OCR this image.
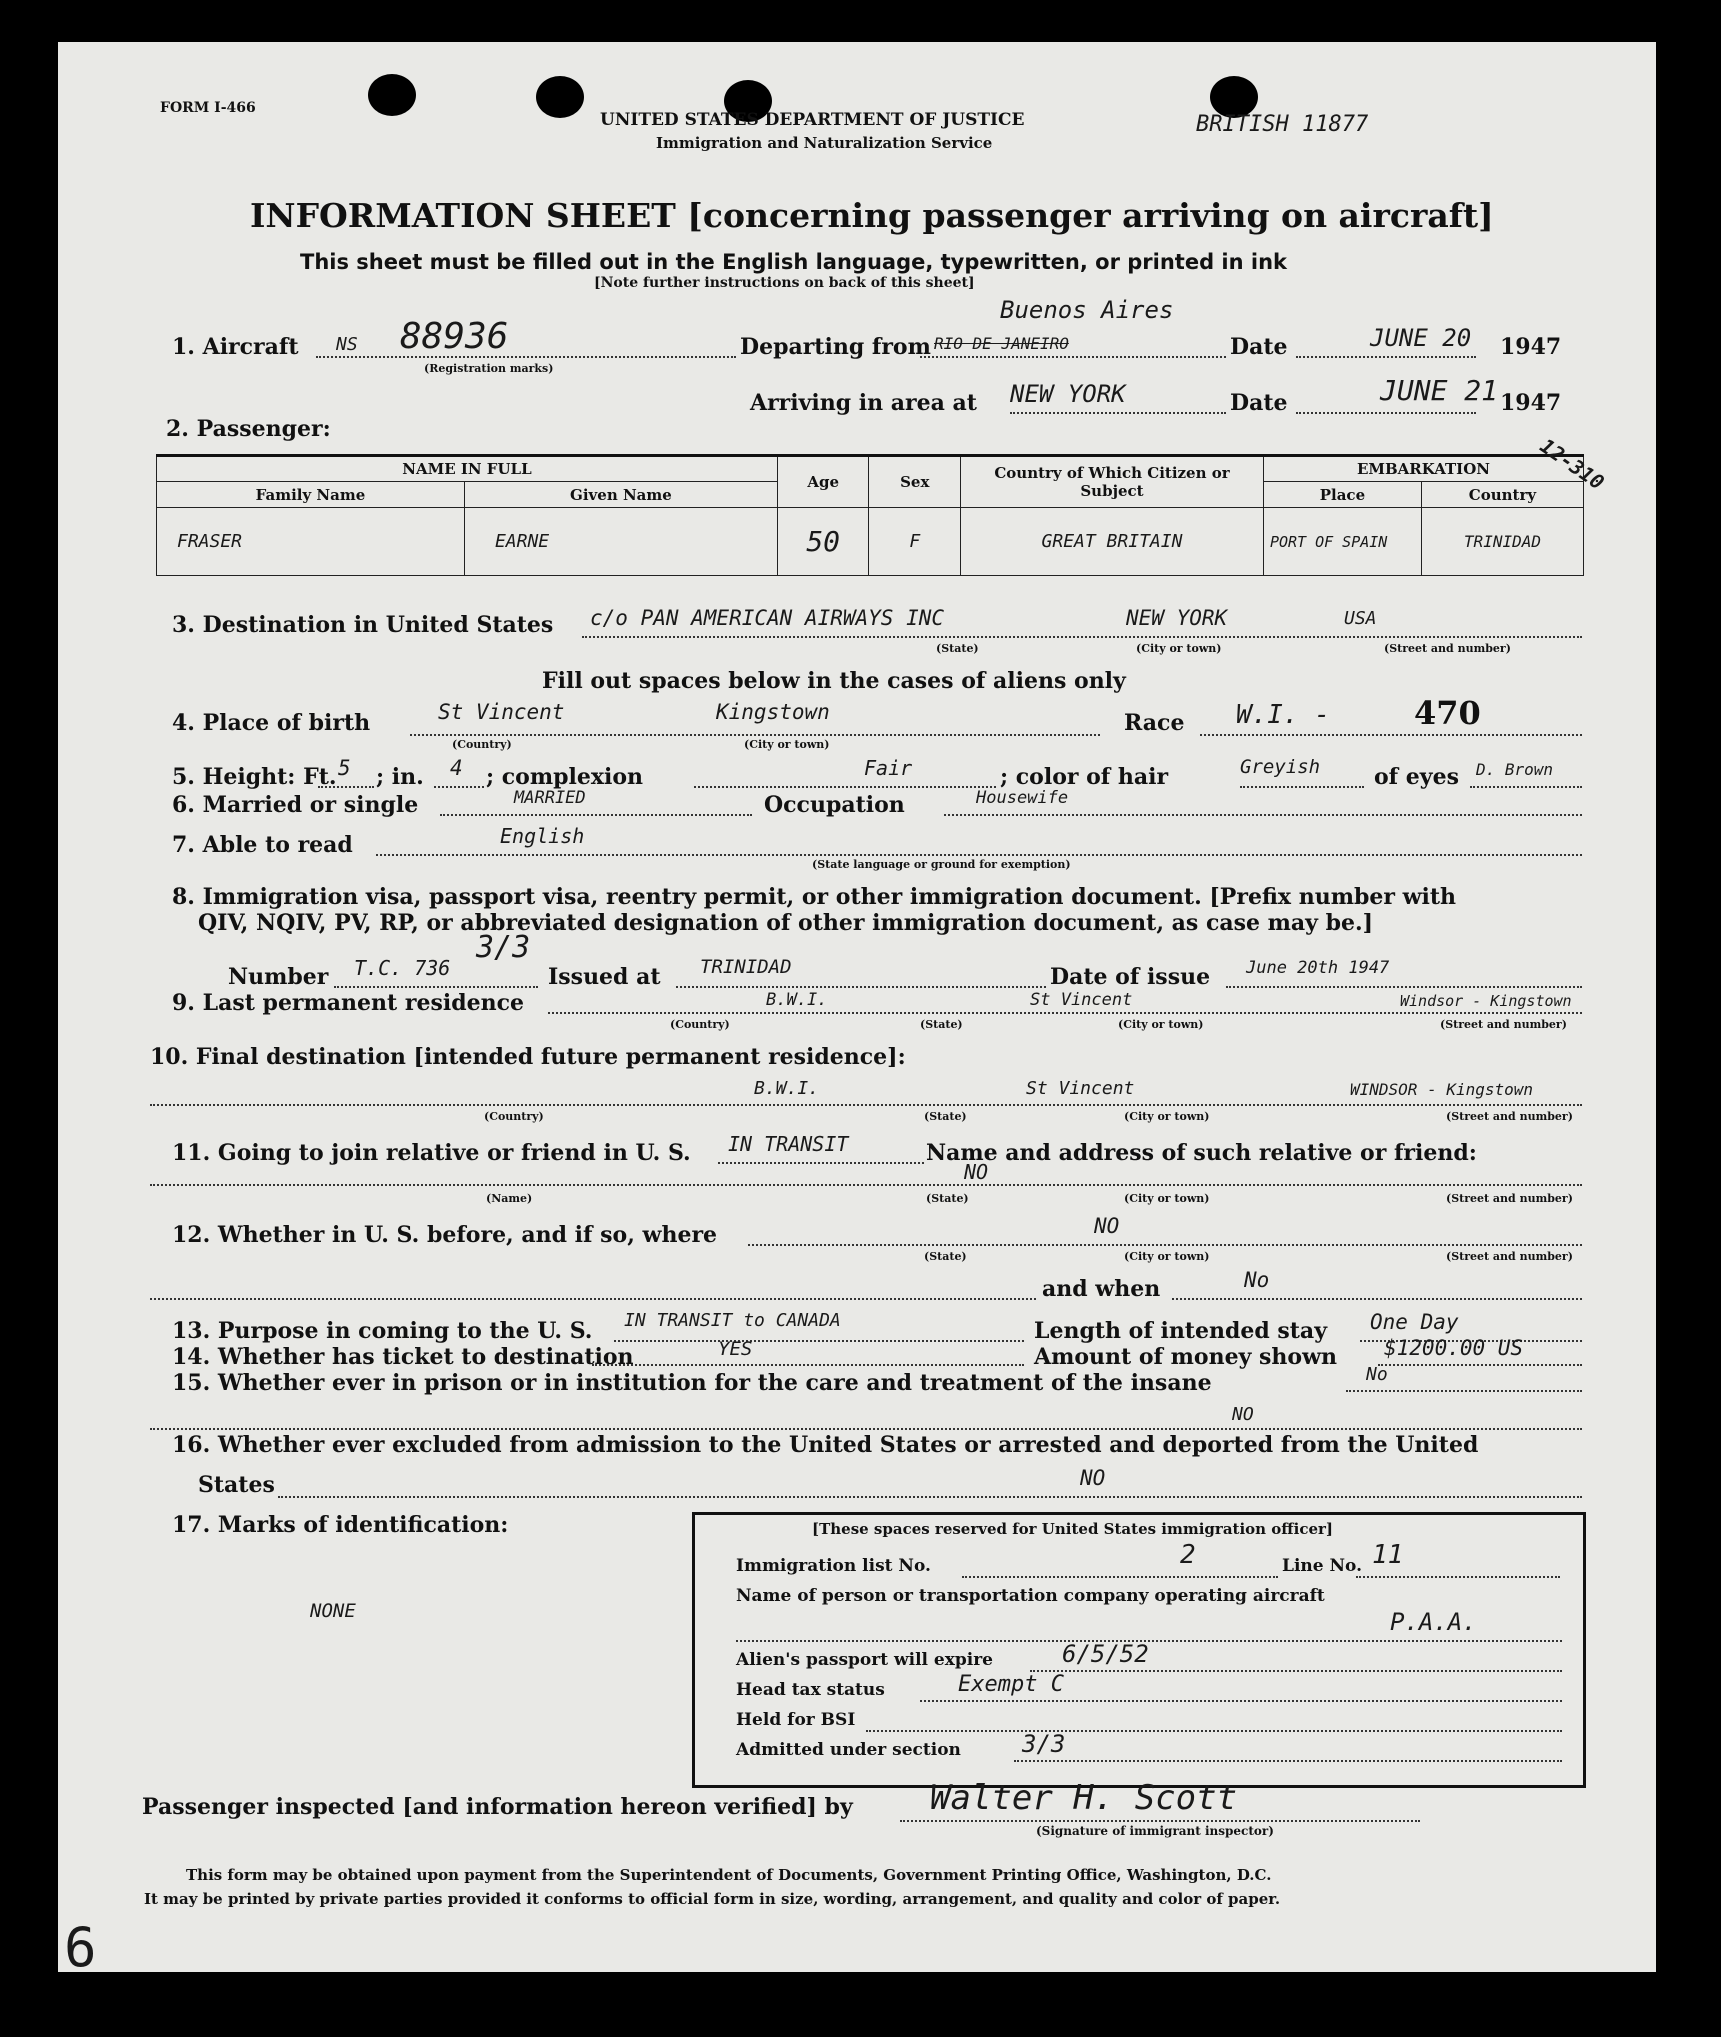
FORM I-466
UNITED STATES DEPARTMENT OF JUSTICE
Immigration and Naturalization Service
BRITISH 11877
INFORMATION SHEET [concerning passenger arriving on aircraft]
This sheet must be filled out in the English language, typewritten, or printed in ink
[Note further instructions on back of this sheet]
1. Aircraft NS 88936
(Registration marks)
Departing from
Buenos Aires
RIO DE JANEIRO	Date	JUNE 20 1947
Arriving in area at NEW YORK	Date	JUNE 21 1947
2. Passenger:
NAME IN FULL		Age	Sex	Country of Which Citizen or Subject	EMBARKATION	
Family Name	Given Name				Place	Country
FRASER	EARNE	50	F	GREAT BRITAIN	PORT OF SPAIN	TRINIDAD
12-310
3. Destination in United States c/o PAN AMERICAN AIRWAYS INC	NEW YORK	USA
(State)	(City or town)	(Street and number)
Fill out spaces below in the cases of aliens only
4. Place of birth	St Vincent	Kingstown
(Country)	(City or town)
Race W.I. -	470
5. Height: Ft. 5 ; in. 4 ; complexion	Fair	; color of hair	Greyish of eyes D. Brown
6. Married or single	MARRIED	Occupation	Housewife
7. Able to read	English
(State language or ground for exemption)
8. Immigration visa, passport visa, reentry permit, or other immigration document. [Prefix number with
QIV, NQIV, PV, RP, or abbreviated designation of other immigration document, as case may be.]
3/3
Number T.C. 736	Issued at TRINIDAD	Date of issue June 20th 1947
9. Last permanent residence	B.W.I.	St Vincent	Windsor - Kingstown
(Country)	(State)	(City or town)	(Street and number)
10. Final destination [intended future permanent residence]:
B.W.I.	St Vincent	WINDSOR - Kingstown
(Country)	(State)	(City or town)	(Street and number)
11. Going to join relative or friend in U. S. IN TRANSIT	Name and address of such relative or friend:
NO
(Name)	(State)	(City or town)	(Street and number)
12. Whether in U. S. before, and if so, where	NO
(State)	(City or town)	(Street and number)
and when	No
13. Purpose in coming to the U. S. IN TRANSIT to CANADA	Length of intended stay One Day
14. Whether has ticket to destination	YES	Amount of money shown $1200.00 US
15. Whether ever in prison or in institution for the care and treatment of the insane	No
NO
16. Whether ever excluded from admission to the United States or arrested and deported from the United
States	NO
17. Marks of identification:
NONE
[These spaces reserved for United States immigration officer]
Immigration list No.	2	Line No. 11
Name of person or transportation company operating aircraft
P.A.A.
Alien's passport will expire	6/5/52
Head tax status	Exempt C
Held for BSI
Admitted under section	3/3
Passenger inspected [and information hereon verified] by Walter H. Scott
(Signature of immigrant inspector)
This form may be obtained upon payment from the Superintendent of Documents, Government Printing Office, Washington, D.C.
It may be printed by private parties provided it conforms to official form in size, wording, arrangement, and quality and color of paper.
6
